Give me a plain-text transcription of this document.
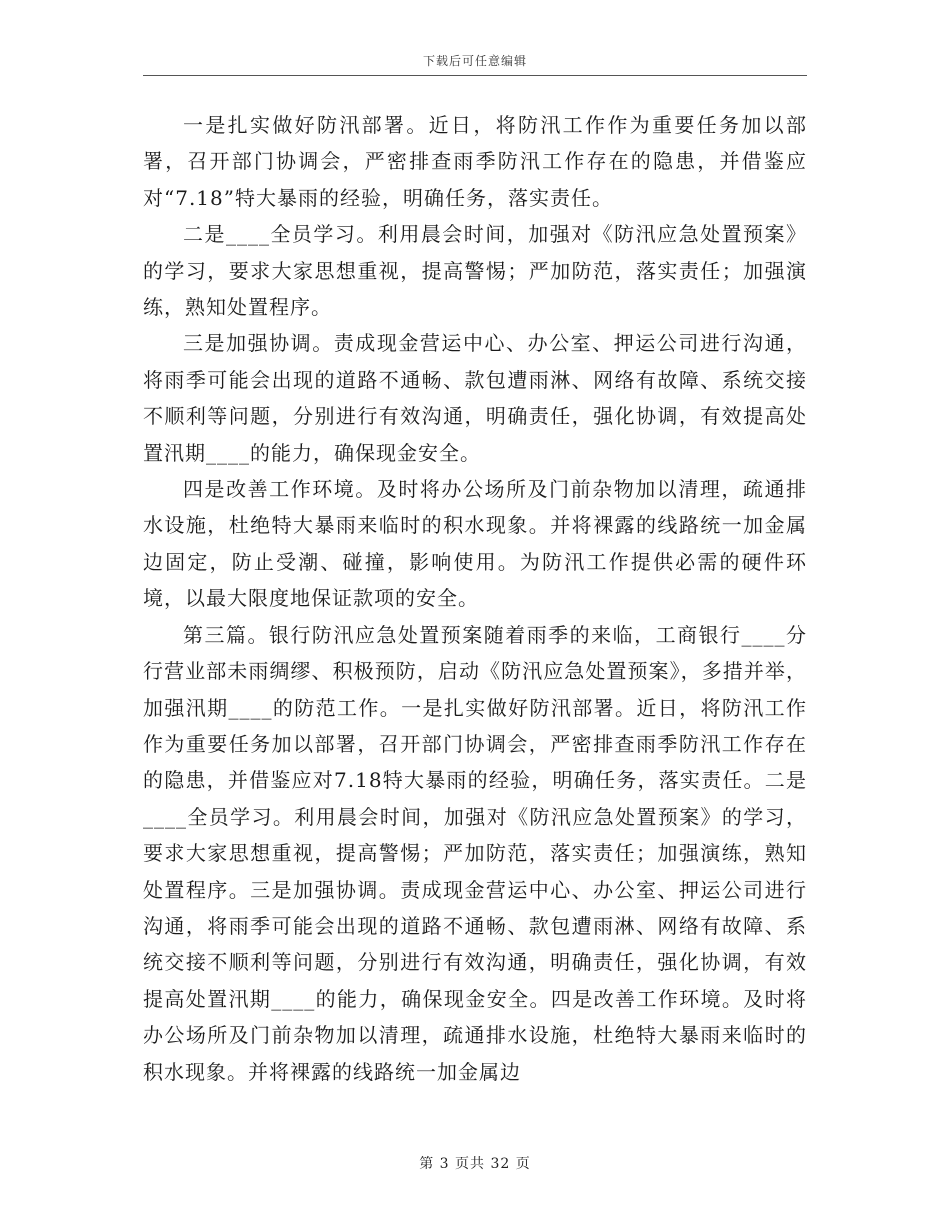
下载后可任意编辑

一是扎实做好防汛部署。近日，将防汛工作作为重要任务加以部署，召开部门协调会，严密排查雨季防汛工作存在的隐患，并借鉴应对“7.18”特大暴雨的经验，明确任务，落实责任。

二是____全员学习。利用晨会时间，加强对《防汛应急处置预案》的学习，要求大家思想重视，提高警惕；严加防范，落实责任；加强演练，熟知处置程序。

三是加强协调。责成现金营运中心、办公室、押运公司进行沟通，将雨季可能会出现的道路不通畅、款包遭雨淋、网络有故障、系统交接不顺利等问题，分别进行有效沟通，明确责任，强化协调，有效提高处置汛期____的能力，确保现金安全。

四是改善工作环境。及时将办公场所及门前杂物加以清理，疏通排水设施，杜绝特大暴雨来临时的积水现象。并将裸露的线路统一加金属边固定，防止受潮、碰撞，影响使用。为防汛工作提供必需的硬件环境，以最大限度地保证款项的安全。

第三篇。银行防汛应急处置预案随着雨季的来临，工商银行____分行营业部未雨绸缪、积极预防，启动《防汛应急处置预案》，多措并举，加强汛期____的防范工作。一是扎实做好防汛部署。近日，将防汛工作作为重要任务加以部署，召开部门协调会，严密排查雨季防汛工作存在的隐患，并借鉴应对7.18特大暴雨的经验，明确任务，落实责任。二是____全员学习。利用晨会时间，加强对《防汛应急处置预案》的学习，要求大家思想重视，提高警惕；严加防范，落实责任；加强演练，熟知处置程序。三是加强协调。责成现金营运中心、办公室、押运公司进行沟通，将雨季可能会出现的道路不通畅、款包遭雨淋、网络有故障、系统交接不顺利等问题，分别进行有效沟通，明确责任，强化协调，有效提高处置汛期____的能力，确保现金安全。四是改善工作环境。及时将办公场所及门前杂物加以清理，疏通排水设施，杜绝特大暴雨来临时的积水现象。并将裸露的线路统一加金属边

第 3 页共 32 页
